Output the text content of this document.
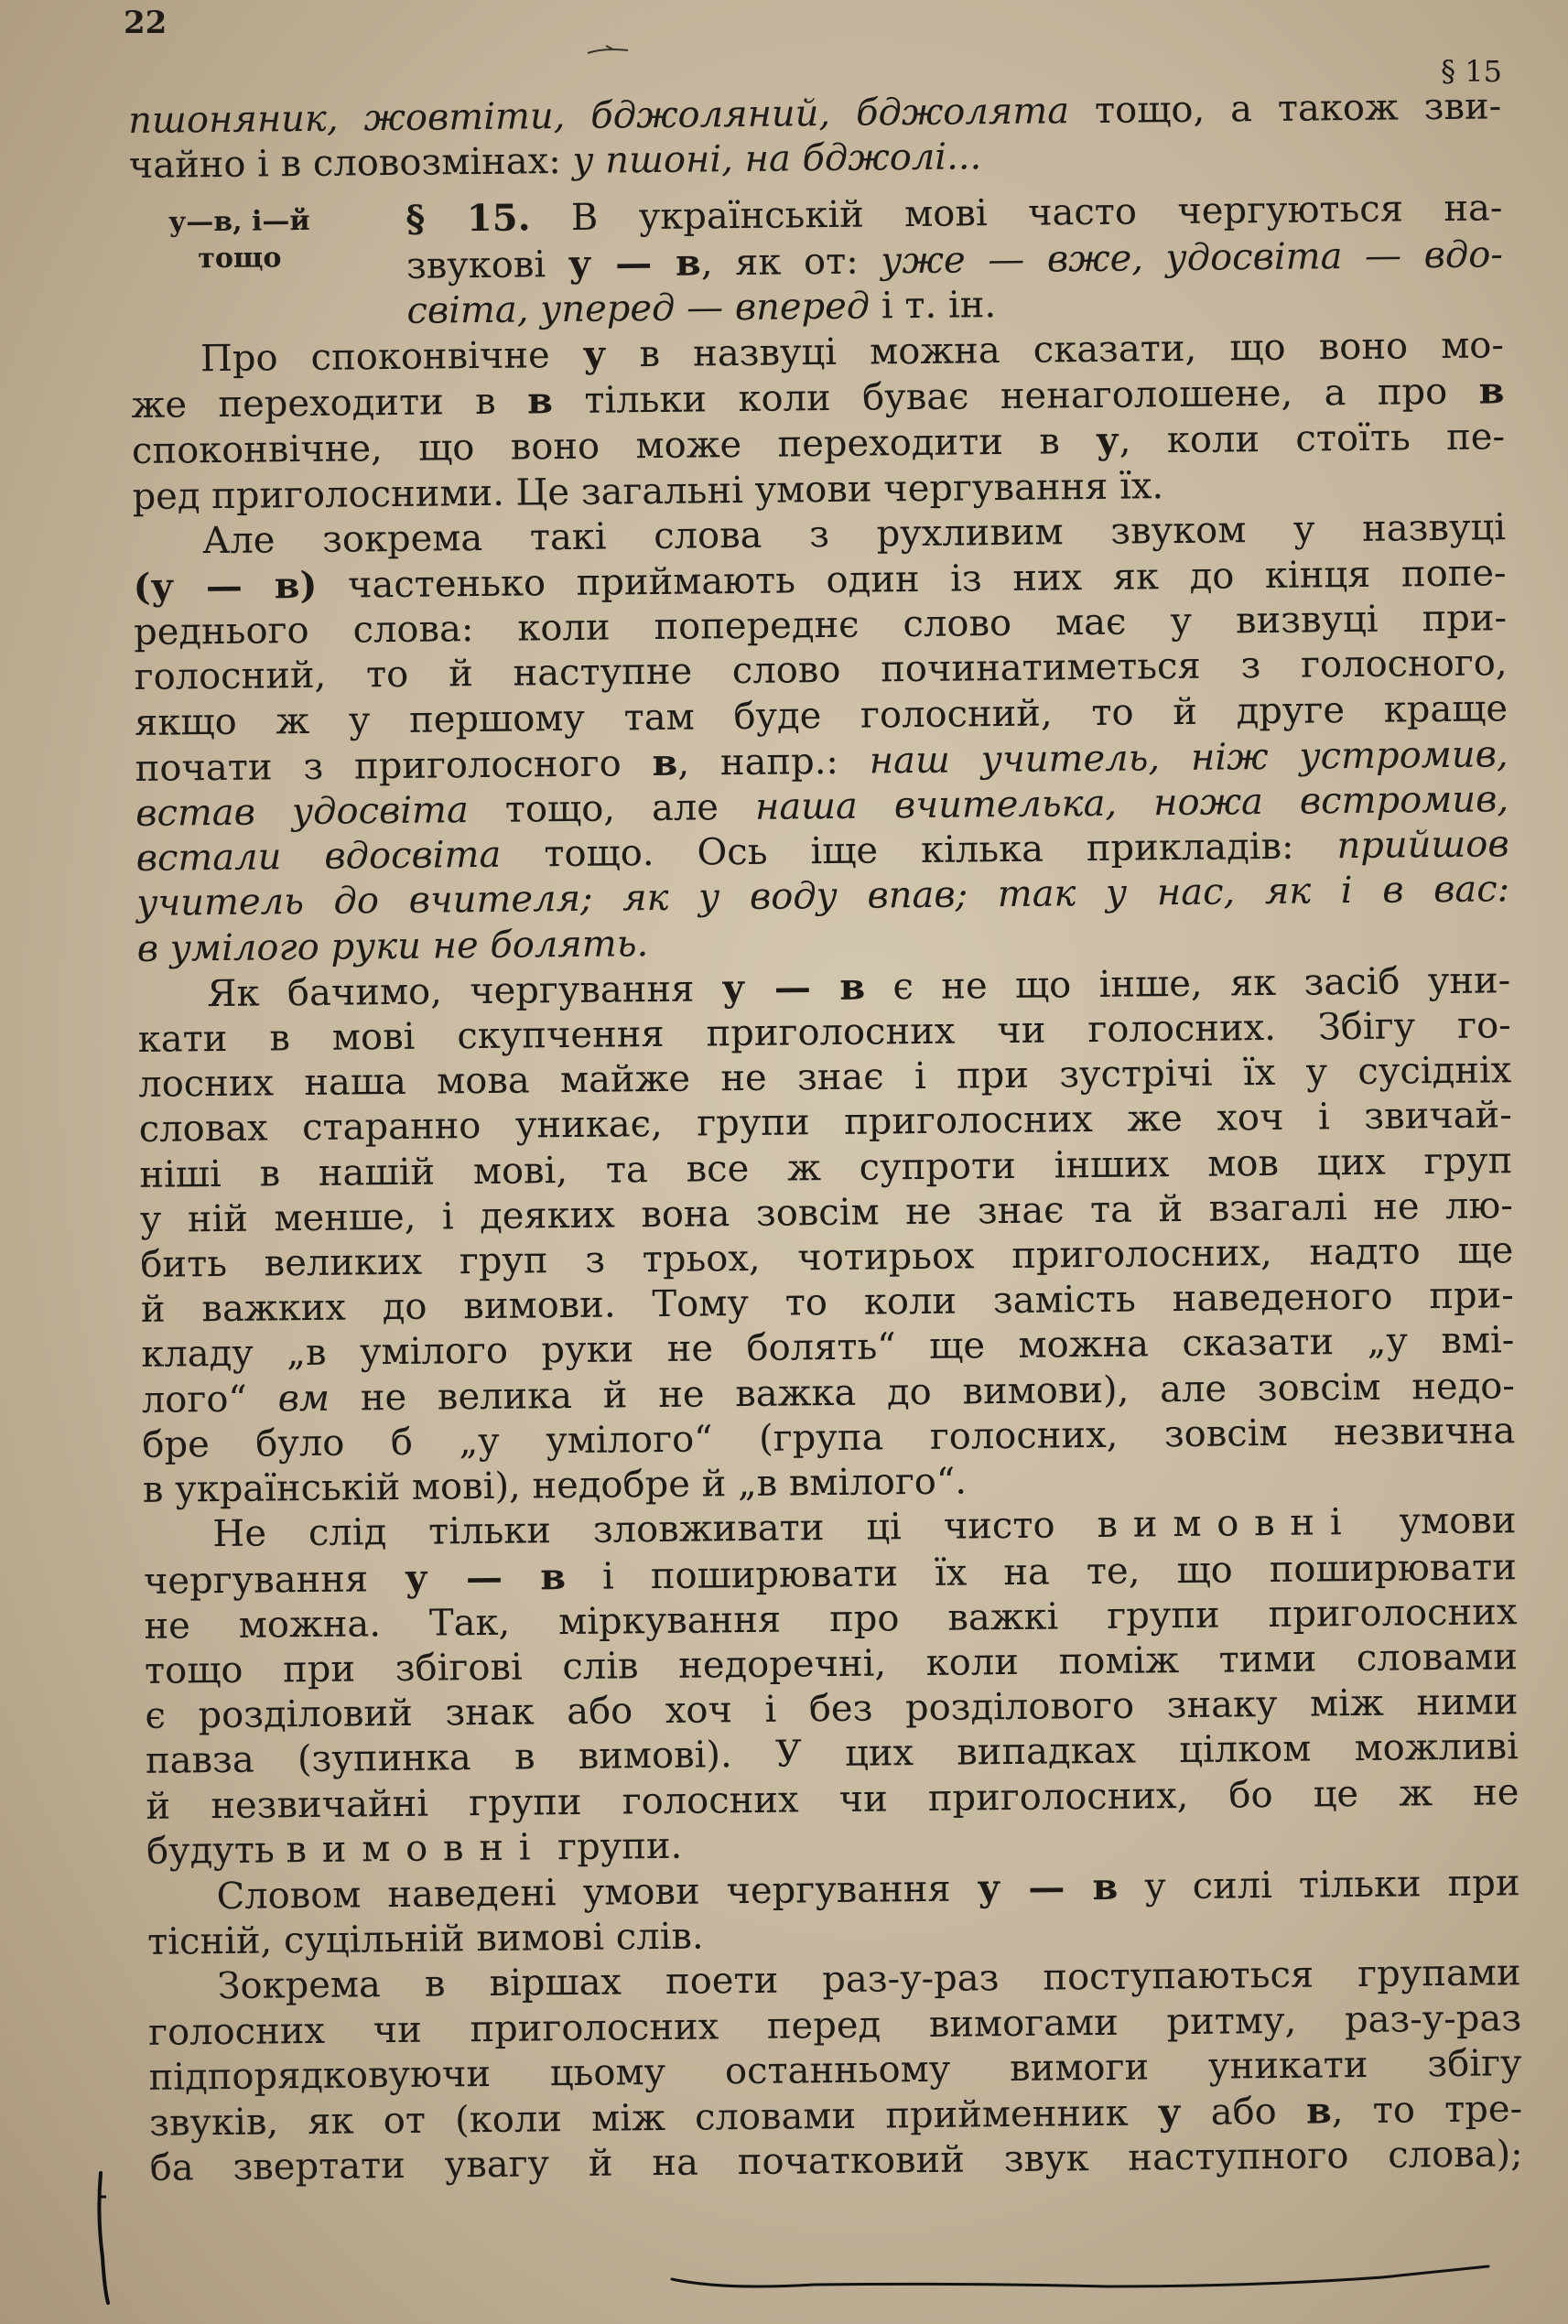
22
§ 15
пшоняник, жовтіти, бджоляний, бджолята тощо, а також зви-
чайно і в словозмінах: у пшоні, на бджолі...
у—в, і—й
тощо
§ 15. В українській мові часто чергуються на-
звукові у — в, як от: уже — вже, удосвіта — вдо-
світа, уперед — вперед і т. ін.
Про споконвічне у в назвуці можна сказати, що воно мо-
же переходити в в тільки коли буває ненаголошене, а про в
споконвічне, що воно може переходити в у, коли стоїть пе-
ред приголосними. Це загальні умови чергування їх.
Але зокрема такі слова з рухливим звуком у назвуці
(у — в) частенько приймають один із них як до кінця попе-
реднього слова: коли попереднє слово має у визвуці при-
голосний, то й наступне слово починатиметься з голосного,
якщо ж у першому там буде голосний, то й друге краще
почати з приголосного в, напр.: наш учитель, ніж устромив,
встав удосвіта тощо, але наша вчителька, ножа встромив,
встали вдосвіта тощо. Ось іще кілька прикладів: прийшов
учитель до вчителя; як у воду впав; так у нас, як і в вас:
в умілого руки не болять.
Як бачимо, чергування у — в є не що інше, як засіб уни-
кати в мові скупчення приголосних чи голосних. Збігу го-
лосних наша мова майже не знає і при зустрічі їх у сусідніх
словах старанно уникає, групи приголосних же хоч і звичай-
ніші в нашій мові, та все ж супроти інших мов цих груп
у ній менше, і деяких вона зовсім не знає та й взагалі не лю-
бить великих груп з трьох, чотирьох приголосних, надто ще
й важких до вимови. Тому то коли замість наведеного при-
кладу „в умілого руки не болять“ ще можна сказати „у вмі-
лого“ вм не велика й не важка до вимови), але зовсім недо-
бре було б „у умілого“ (група голосних, зовсім незвична
в українській мові), недобре й „в вмілого“.
Не слід тільки зловживати ці чисто вимовні умови
чергування у — в і поширювати їх на те, що поширювати
не можна. Так, міркування про важкі групи приголосних
тощо при збігові слів недоречні, коли поміж тими словами
є розділовий знак або хоч і без розділового знаку між ними
павза (зупинка в вимові). У цих випадках цілком можливі
й незвичайні групи голосних чи приголосних, бо це ж не
будуть вимовні групи.
Словом наведені умови чергування у — в у силі тільки при
тісній, суцільній вимові слів.
Зокрема в віршах поети раз-у-раз поступаються групами
голосних чи приголосних перед вимогами ритму, раз-у-раз
підпорядковуючи цьому останньому вимоги уникати збігу
звуків, як от (коли між словами прийменник у або в, то тре-
ба звертати увагу й на початковий звук наступного слова);
